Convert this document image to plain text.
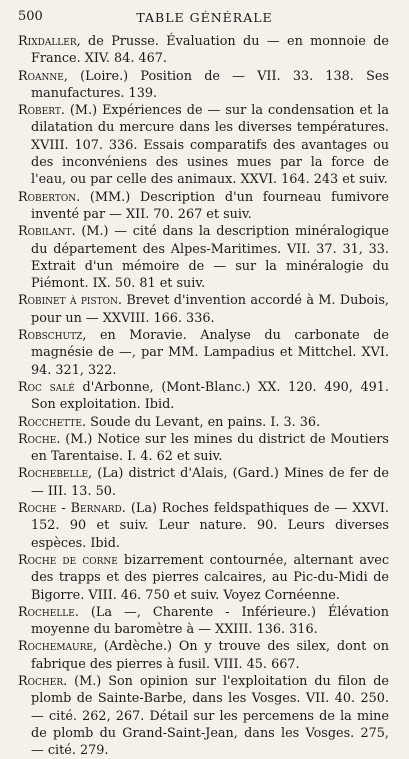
500	TABLE GÉNÉRALE
Rixdaller, de Prusse. Évaluation du — en monnoie de France. XIV. 84. 467.
Roanne, (Loire.) Position de — VII. 33. 138. Ses manufactures. 139.
Robert. (M.) Expériences de — sur la condensation et la dilatation du mercure dans les diverses températures. XVIII. 107. 336. Essais comparatifs des avantages ou des inconvéniens des usines mues par la force de l'eau, ou par celle des animaux. XXVI. 164. 243 et suiv.
Roberton. (MM.) Description d'un fourneau fumivore inventé par — XII. 70. 267 et suiv.
Robilant. (M.) — cité dans la description minéralogique du département des Alpes-Maritimes. VII. 37. 31, 33. Extrait d'un mémoire de — sur la minéralogie du Piémont. IX. 50. 81 et suiv.
Robinet à piston. Brevet d'invention accordé à M. Dubois, pour un — XXVIII. 166. 336.
Robschutz, en Moravie. Analyse du carbonate de magnésie de —, par MM. Lampadius et Mittchel. XVI. 94. 321, 322.
Roc salé d'Arbonne, (Mont-Blanc.) XX. 120. 490, 491. Son exploitation. Ibid.
Rocchette. Soude du Levant, en pains. I. 3. 36.
Roche. (M.) Notice sur les mines du district de Moutiers en Tarentaise. I. 4. 62 et suiv.
Rochebelle, (La) district d'Alais, (Gard.) Mines de fer de — III. 13. 50.
Roche - Bernard. (La) Roches feldspathiques de — XXVI. 152. 90 et suiv. Leur nature. 90. Leurs diverses espèces. Ibid.
Roche de corne bizarrement contournée, alternant avec des trapps et des pierres calcaires, au Pic-du-Midi de Bigorre. VIII. 46. 750 et suiv. Voyez Cornéenne.
Rochelle. (La —, Charente - Inférieure.) Élévation moyenne du baromètre à — XXIII. 136. 316.
Rochemaure, (Ardèche.) On y trouve des silex, dont on fabrique des pierres à fusil. VIII. 45. 667.
Rocher. (M.) Son opinion sur l'exploitation du filon de plomb de Sainte-Barbe, dans les Vosges. VII. 40. 250. — cité. 262, 267. Détail sur les percemens de la mine de plomb du Grand-Saint-Jean, dans les Vosges. 275, — cité. 279.
